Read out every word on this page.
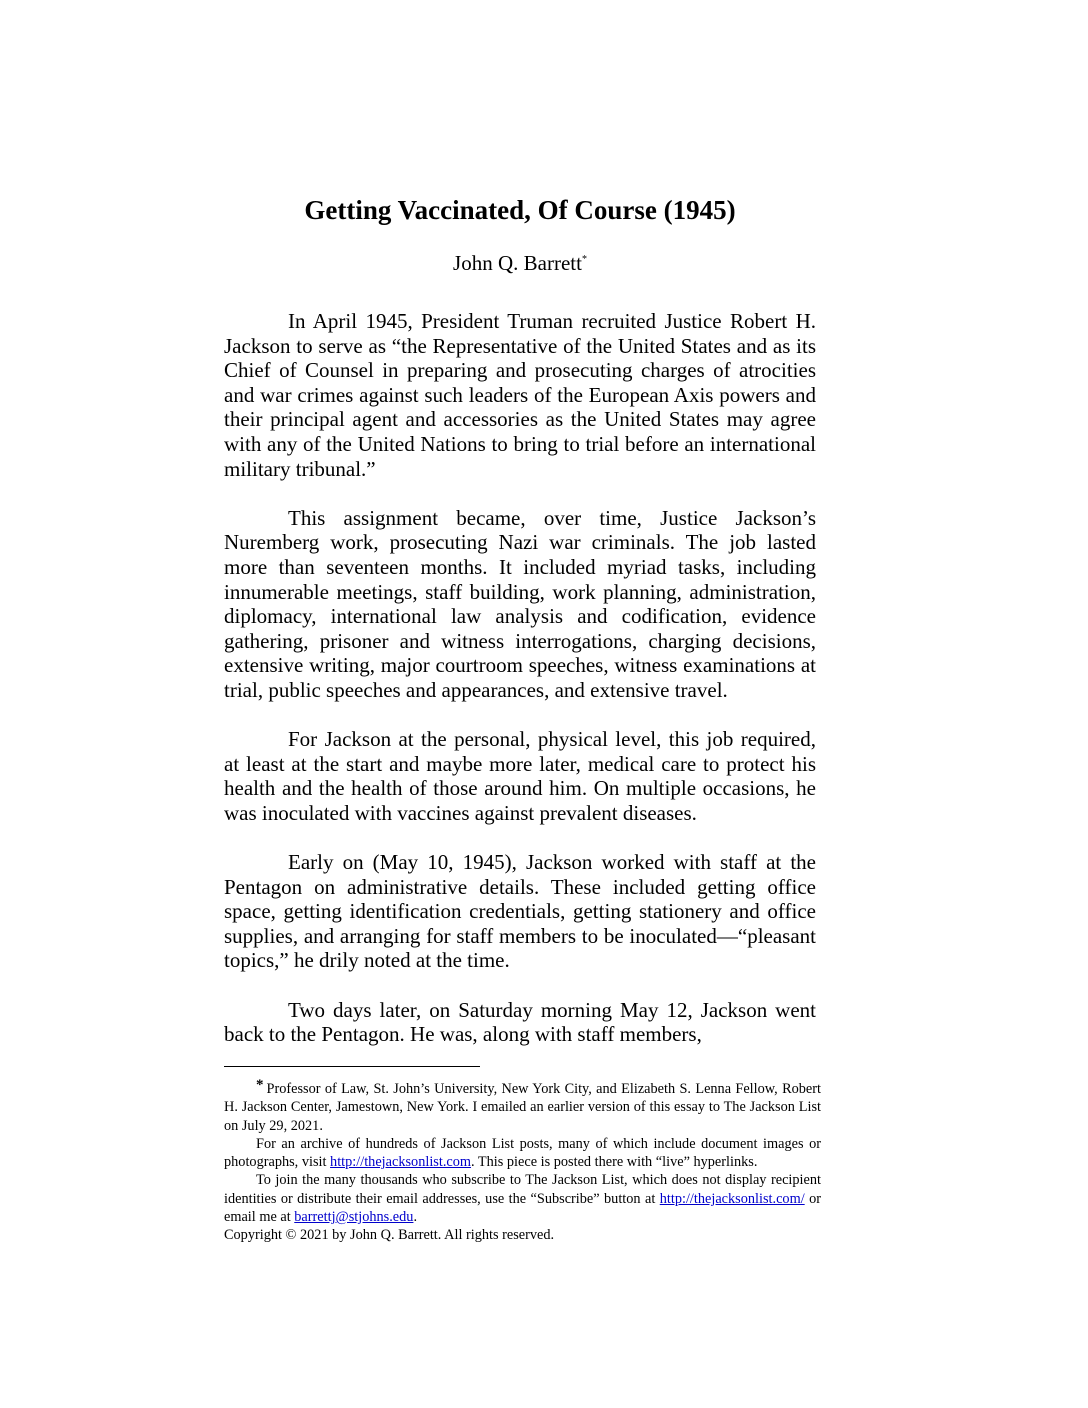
Getting Vaccinated, Of Course (1945)
John Q. Barrett*

In April 1945, President Truman recruited Justice Robert H. Jackson to serve as “the Representative of the United States and as its Chief of Counsel in preparing and prosecuting charges of atrocities and war crimes against such leaders of the European Axis powers and their principal agent and accessories as the United States may agree with any of the United Nations to bring to trial before an international military tribunal.”

This assignment became, over time, Justice Jackson’s Nuremberg work, prosecuting Nazi war criminals. The job lasted more than seventeen months. It included myriad tasks, including innumerable meetings, staff building, work planning, administration, diplomacy, international law analysis and codification, evidence gathering, prisoner and witness interrogations, charging decisions, extensive writing, major courtroom speeches, witness examinations at trial, public speeches and appearances, and extensive travel.

For Jackson at the personal, physical level, this job required, at least at the start and maybe more later, medical care to protect his health and the health of those around him. On multiple occasions, he was inoculated with vaccines against prevalent diseases.

Early on (May 10, 1945), Jackson worked with staff at the Pentagon on administrative details. These included getting office space, getting identification credentials, getting stationery and office supplies, and arranging for staff members to be inoculated—“pleasant topics,” he drily noted at the time.

Two days later, on Saturday morning May 12, Jackson went back to the Pentagon. He was, along with staff members,

* Professor of Law, St. John’s University, New York City, and Elizabeth S. Lenna Fellow, Robert H. Jackson Center, Jamestown, New York. I emailed an earlier version of this essay to The Jackson List on July 29, 2021.

For an archive of hundreds of Jackson List posts, many of which include document images or photographs, visit http://thejacksonlist.com. This piece is posted there with “live” hyperlinks.

To join the many thousands who subscribe to The Jackson List, which does not display recipient identities or distribute their email addresses, use the “Subscribe” button at http://thejacksonlist.com/ or email me at barrettj@stjohns.edu.

Copyright © 2021 by John Q. Barrett. All rights reserved.
